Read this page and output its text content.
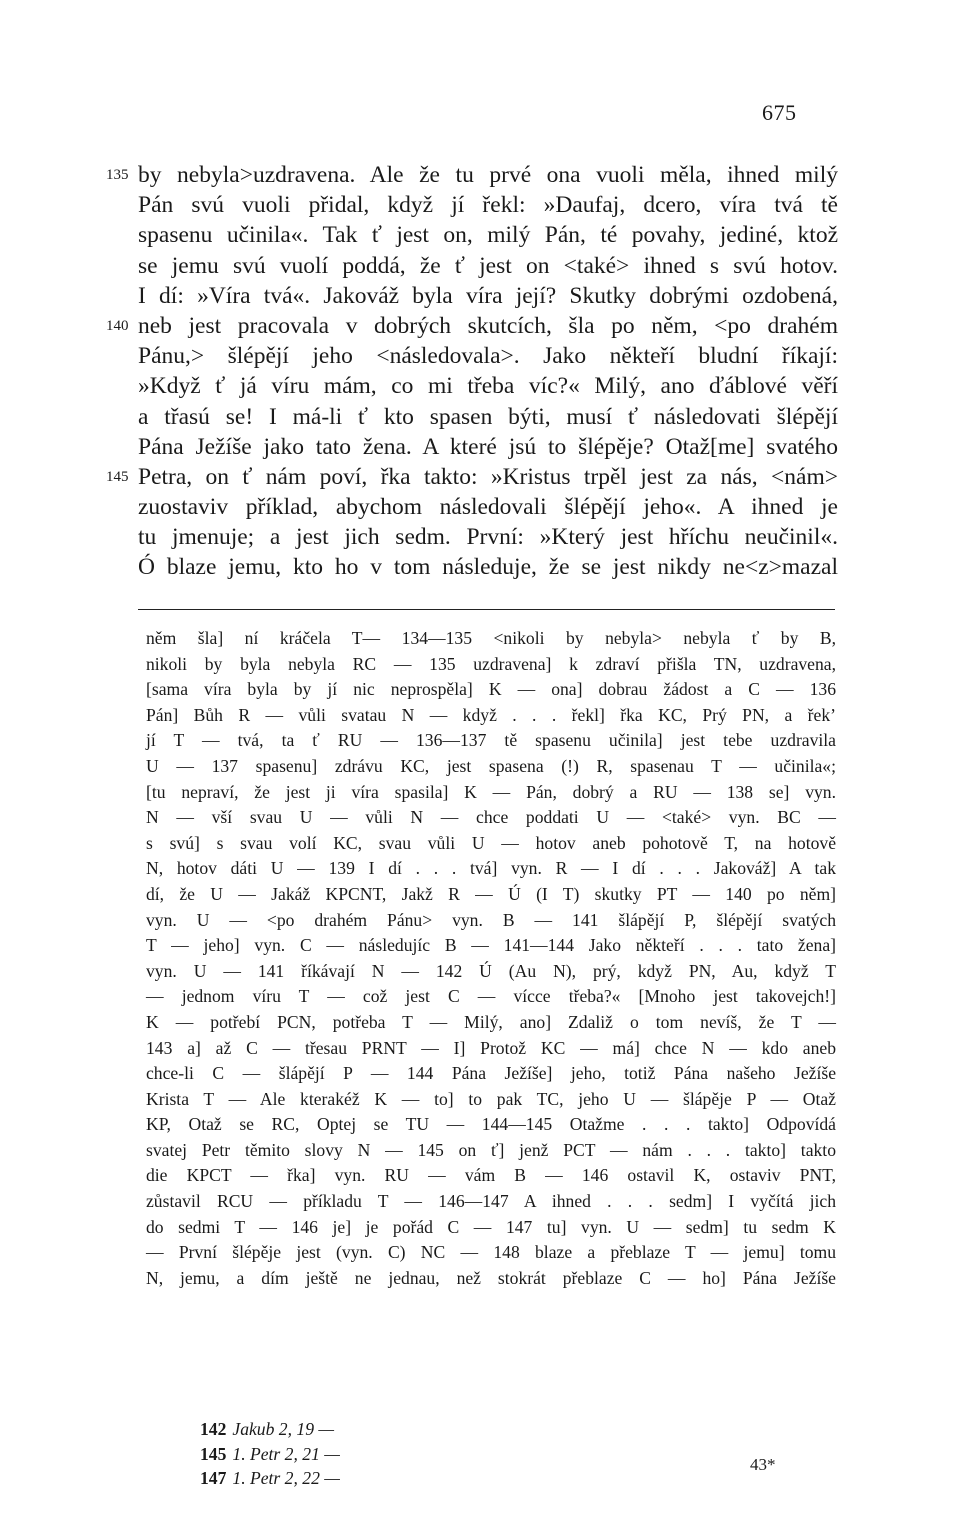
675
135 by nebyla>uzdravena. Ale že tu prvé ona vuoli měla, ihned milý
Pán svú vuoli přidal, když jí řekl: »Daufaj, dcero, víra tvá tě
spasenu učinila«. Tak ť jest on, milý Pán, té povahy, jediné, ktož
se jemu svú vuolí poddá, že ť jest on <také> ihned s svú hotov.
I dí: »Víra tvá«. Jakováž byla víra její? Skutky dobrými ozdobená,
140 neb jest pracovala v dobrých skutcích, šla po něm, <po drahém
Pánu,> šlépějí jeho <následovala>. Jako někteří bludní říkají:
»Když ť já víru mám, co mi třeba víc?« Milý, ano ďáblové věří
a třasú se! I má-li ť kto spasen býti, musí ť následovati šlépějí
Pána Ježíše jako tato žena. A které jsú to šlépěje? Otaž[me] svatého
145 Petra, on ť nám poví, řka takto: »Kristus trpěl jest za nás, <nám>
zuostaviv příklad, abychom následovali šlépějí jeho«. A ihned je
tu jmenuje; a jest jich sedm. První: »Který jest hříchu neučinil«.
Ó blaze jemu, kto ho v tom následuje, že se jest nikdy ne<z>mazal
něm šla] ní kráčela T— 134—135 <nikoli by nebyla> nebyla ť by B,
nikoli by byla nebyla RC — 135 uzdravena] k zdraví přišla TN, uzdravena,
[sama víra byla by jí nic neprospěla] K — ona] dobrau žádost a C — 136
Pán] Bůh R — vůli svatau N — když . . . řekl] řka KC, Prý PN, a řek’
jí T — tvá, ta ť RU — 136—137 tě spasenu učinila] jest tebe uzdravila
U — 137 spasenu] zdrávu KC, jest spasena (!) R, spasenau T — učinila«;
[tu nepraví, že jest ji víra spasila] K — Pán, dobrý a RU — 138 se] vyn.
N — vší svau U — vůli N — chce poddati U — <také> vyn. BC —
s svú] s svau volí KC, svau vůli U — hotov aneb pohotově T, na hotově
N, hotov dáti U — 139 I dí . . . tvá] vyn. R — I dí . . . Jakováž] A tak
dí, že U — Jakáž KPCNT, Jakž R — Ú (I T) skutky PT — 140 po něm]
vyn. U — <po drahém Pánu> vyn. B — 141 šlápějí P, šlépějí svatých
T — jeho] vyn. C — následujíc B — 141—144 Jako někteří . . . tato žena]
vyn. U — 141 říkávají N — 142 Ú (Au N), prý, když PN, Au, když T
— jednom víru T — což jest C — vícce třeba?« [Mnoho jest takovejch!]
K — potřebí PCN, potřeba T — Milý, ano] Zdaliž o tom nevíš, že T —
143 a] až C — třesau PRNT — I] Protož KC — má] chce N — kdo aneb
chce-li C — šlápějí P — 144 Pána Ježíše] jeho, totiž Pána našeho Ježíše
Krista T — Ale kterakéž K — to] to pak TC, jeho U — šlápěje P — Otaž
KP, Otaž se RC, Optej se TU — 144—145 Otažme . . . takto] Odpovídá
svatej Petr těmito slovy N — 145 on ť] jenž PCT — nám . . . takto] takto
die KPCT — řka] vyn. RU — vám B — 146 ostavil K, ostaviv PNT,
zůstavil RCU — příkladu T — 146—147 A ihned . . . sedm] I vyčítá jich
do sedmi T — 146 je] je pořád C — 147 tu] vyn. U — sedm] tu sedm K
— První šlépěje jest (vyn. C) NC — 148 blaze a přeblaze T — jemu] tomu
N, jemu, a dím ještě ne jednau, než stokrát přeblaze C — ho] Pána Ježíše
142 Jakub 2, 19 —
145 1. Petr 2, 21 —
147 1. Petr 2, 22 —
43*
